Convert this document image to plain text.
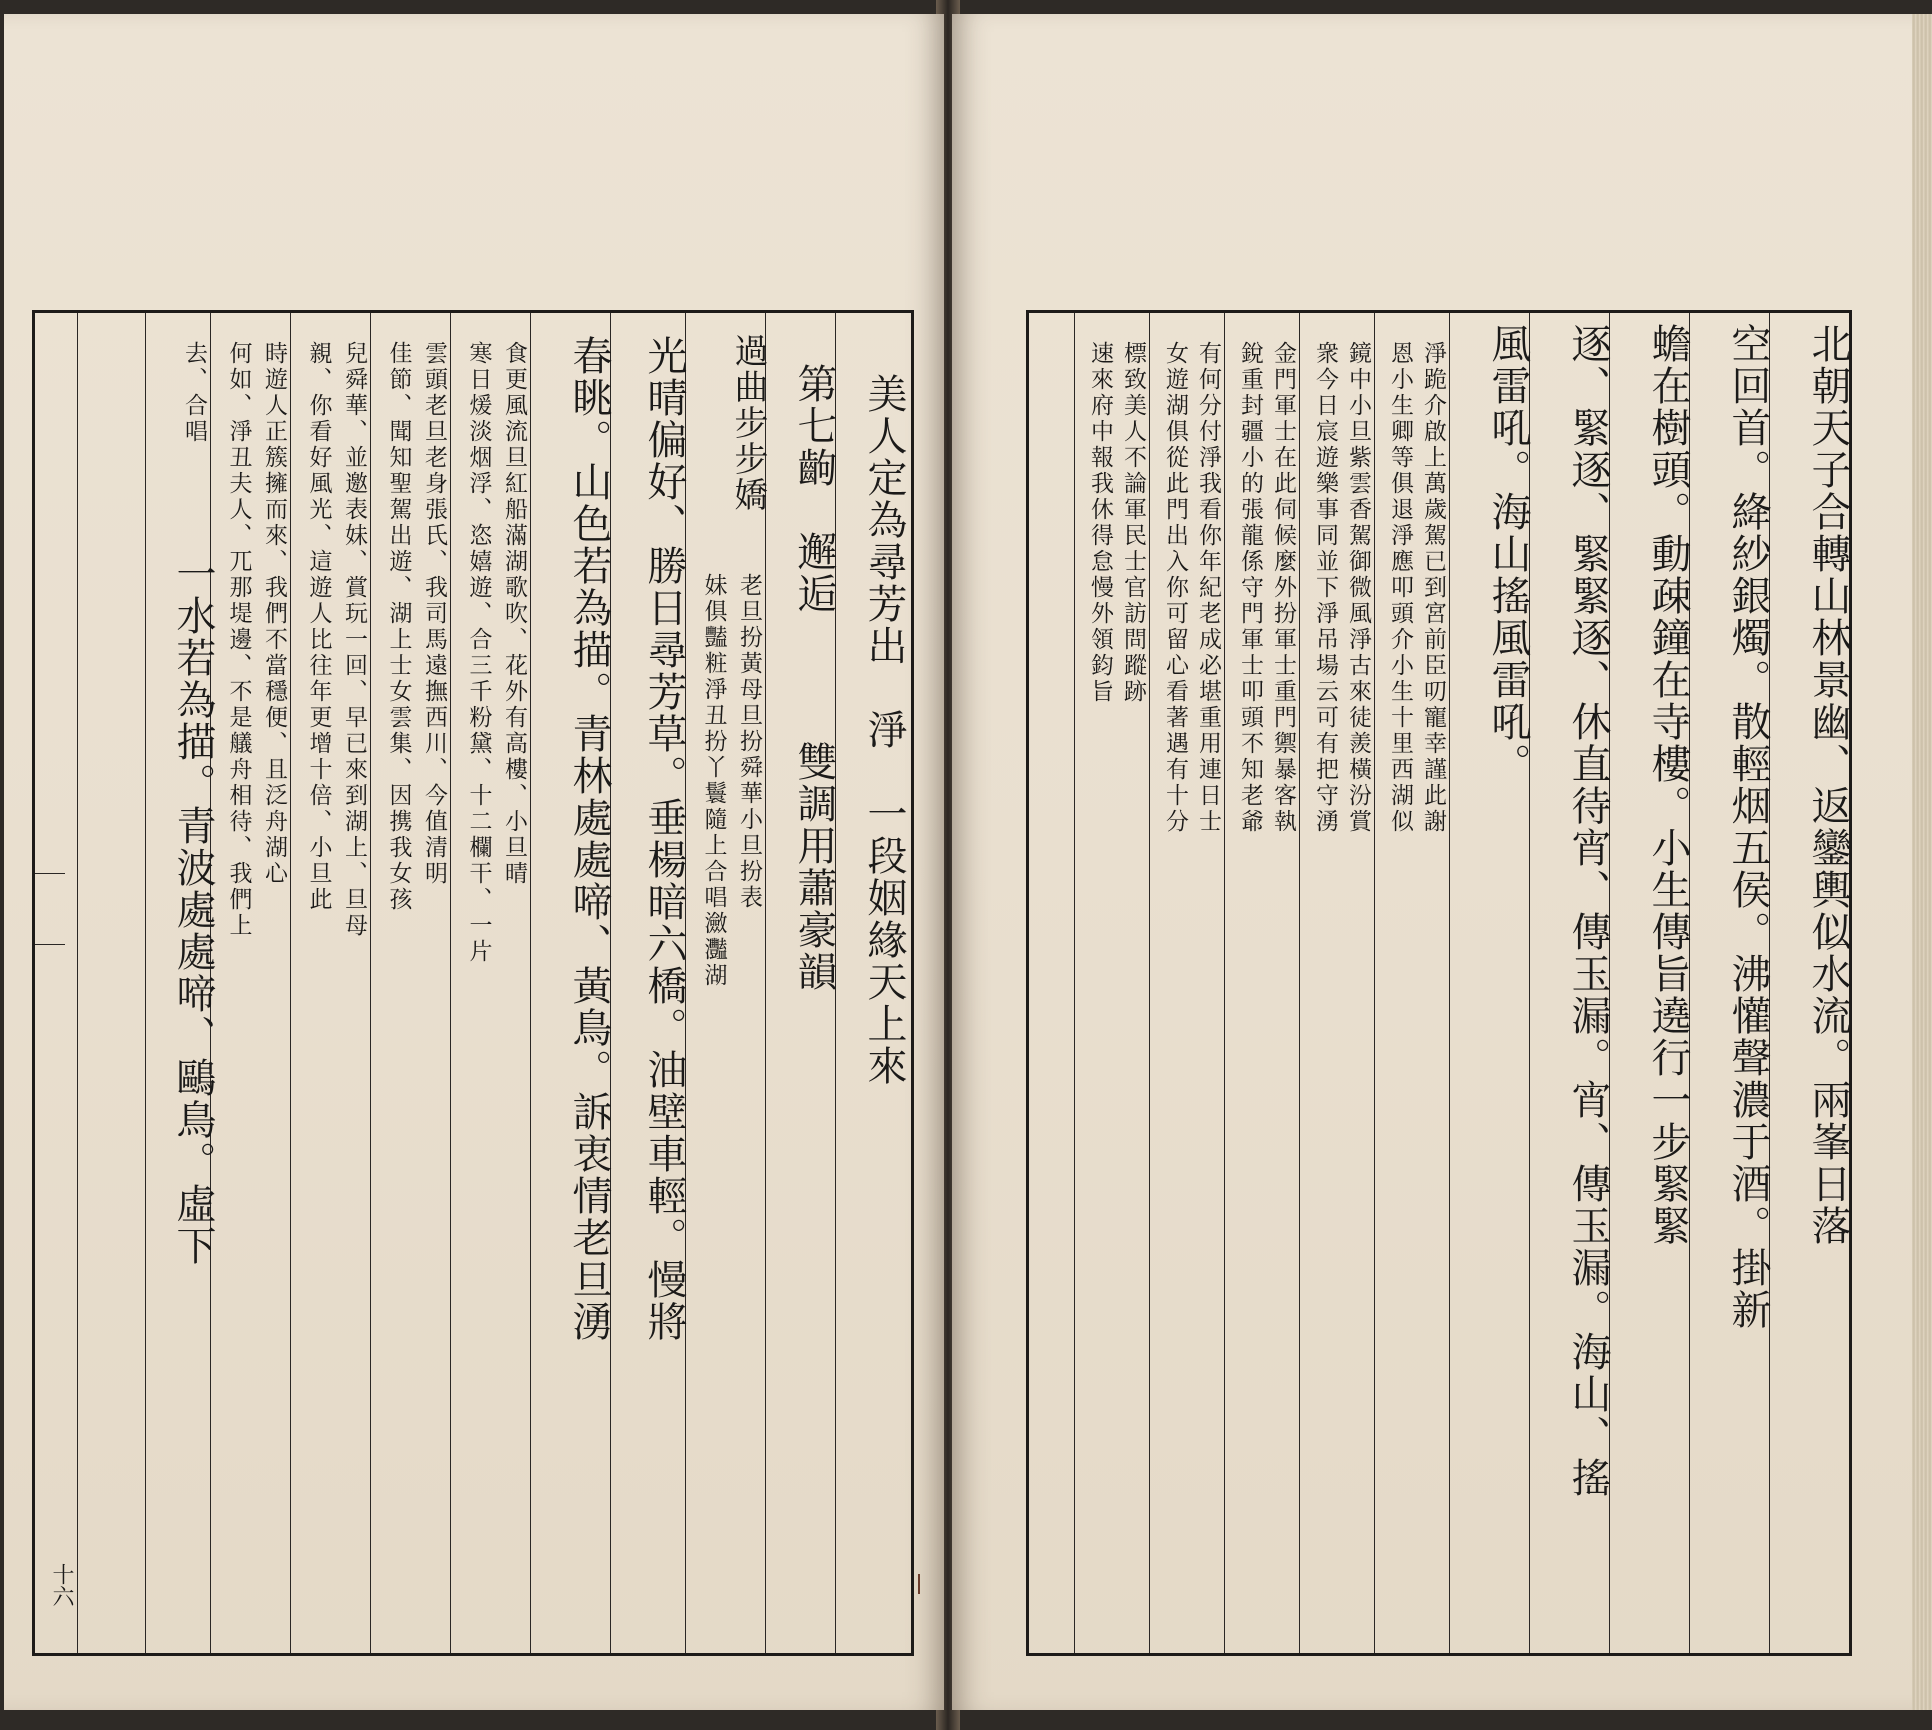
十六
美人定為尋芳出　淨　一段姻緣天上來
第七齣　邂逅　　　雙調用蕭豪韻
過曲步步嬌
老旦扮黃母旦扮舜華小旦扮表
妹俱豔粧淨丑扮丫鬟隨上合唱瀲灩湖
光晴偏好、勝日尋芳草。垂楊暗六橋。油壁車輕。慢將
春眺。山色若為描。青林處處啼、黃鳥。訴衷情老旦湧
食更風流旦紅船滿湖歌吹、花外有高樓、小旦晴
寒日煖淡烟浮、恣嬉遊、合三千粉黛、十二欄干、一片
雲頭老旦老身張氏、我司馬遠撫西川、今值清明
佳節、聞知聖駕出遊、湖上士女雲集、因携我女孩
兒舜華、並邀表妹、賞玩一回、早已來到湖上、旦母
親、你看好風光、這遊人比往年更增十倍、小旦此
時遊人正簇擁而來、我們不當穩便、且泛舟湖心
何如、淨丑夫人、兀那堤邊、不是艤舟相待、我們上
去、合唱
一水若為描。青波處處啼、鷗鳥。虛下	北朝天子合轉山林景幽、返鑾輿似水流。兩峯日落
空回首。絳紗銀燭。散輕烟五侯。沸懽聲濃于酒。掛新
蟾在樹頭。動疎鐘在寺樓。小生傳旨遶行一步緊緊
逐、緊逐、緊緊逐、休直待宵、傳玉漏。宵、傳玉漏。海山、搖
風雷吼。海山搖風雷吼。
淨跪介啟上萬歲駕已到宮前臣叨寵幸謹此謝
恩小生卿等俱退淨應叩頭介小生十里西湖似
鏡中小旦紫雲香駕御微風淨古來徒羨橫汾賞
衆今日宸遊樂事同並下淨吊場云可有把守湧
金門軍士在此伺候麼外扮軍士重門禦暴客執
銳重封疆小的張龍係守門軍士叩頭不知老爺
有何分付淨我看你年紀老成必堪重用連日士
女遊湖俱從此門出入你可留心看著遇有十分
標致美人不論軍民士官訪問蹤跡
速來府中報我休得怠慢外領鈞旨
